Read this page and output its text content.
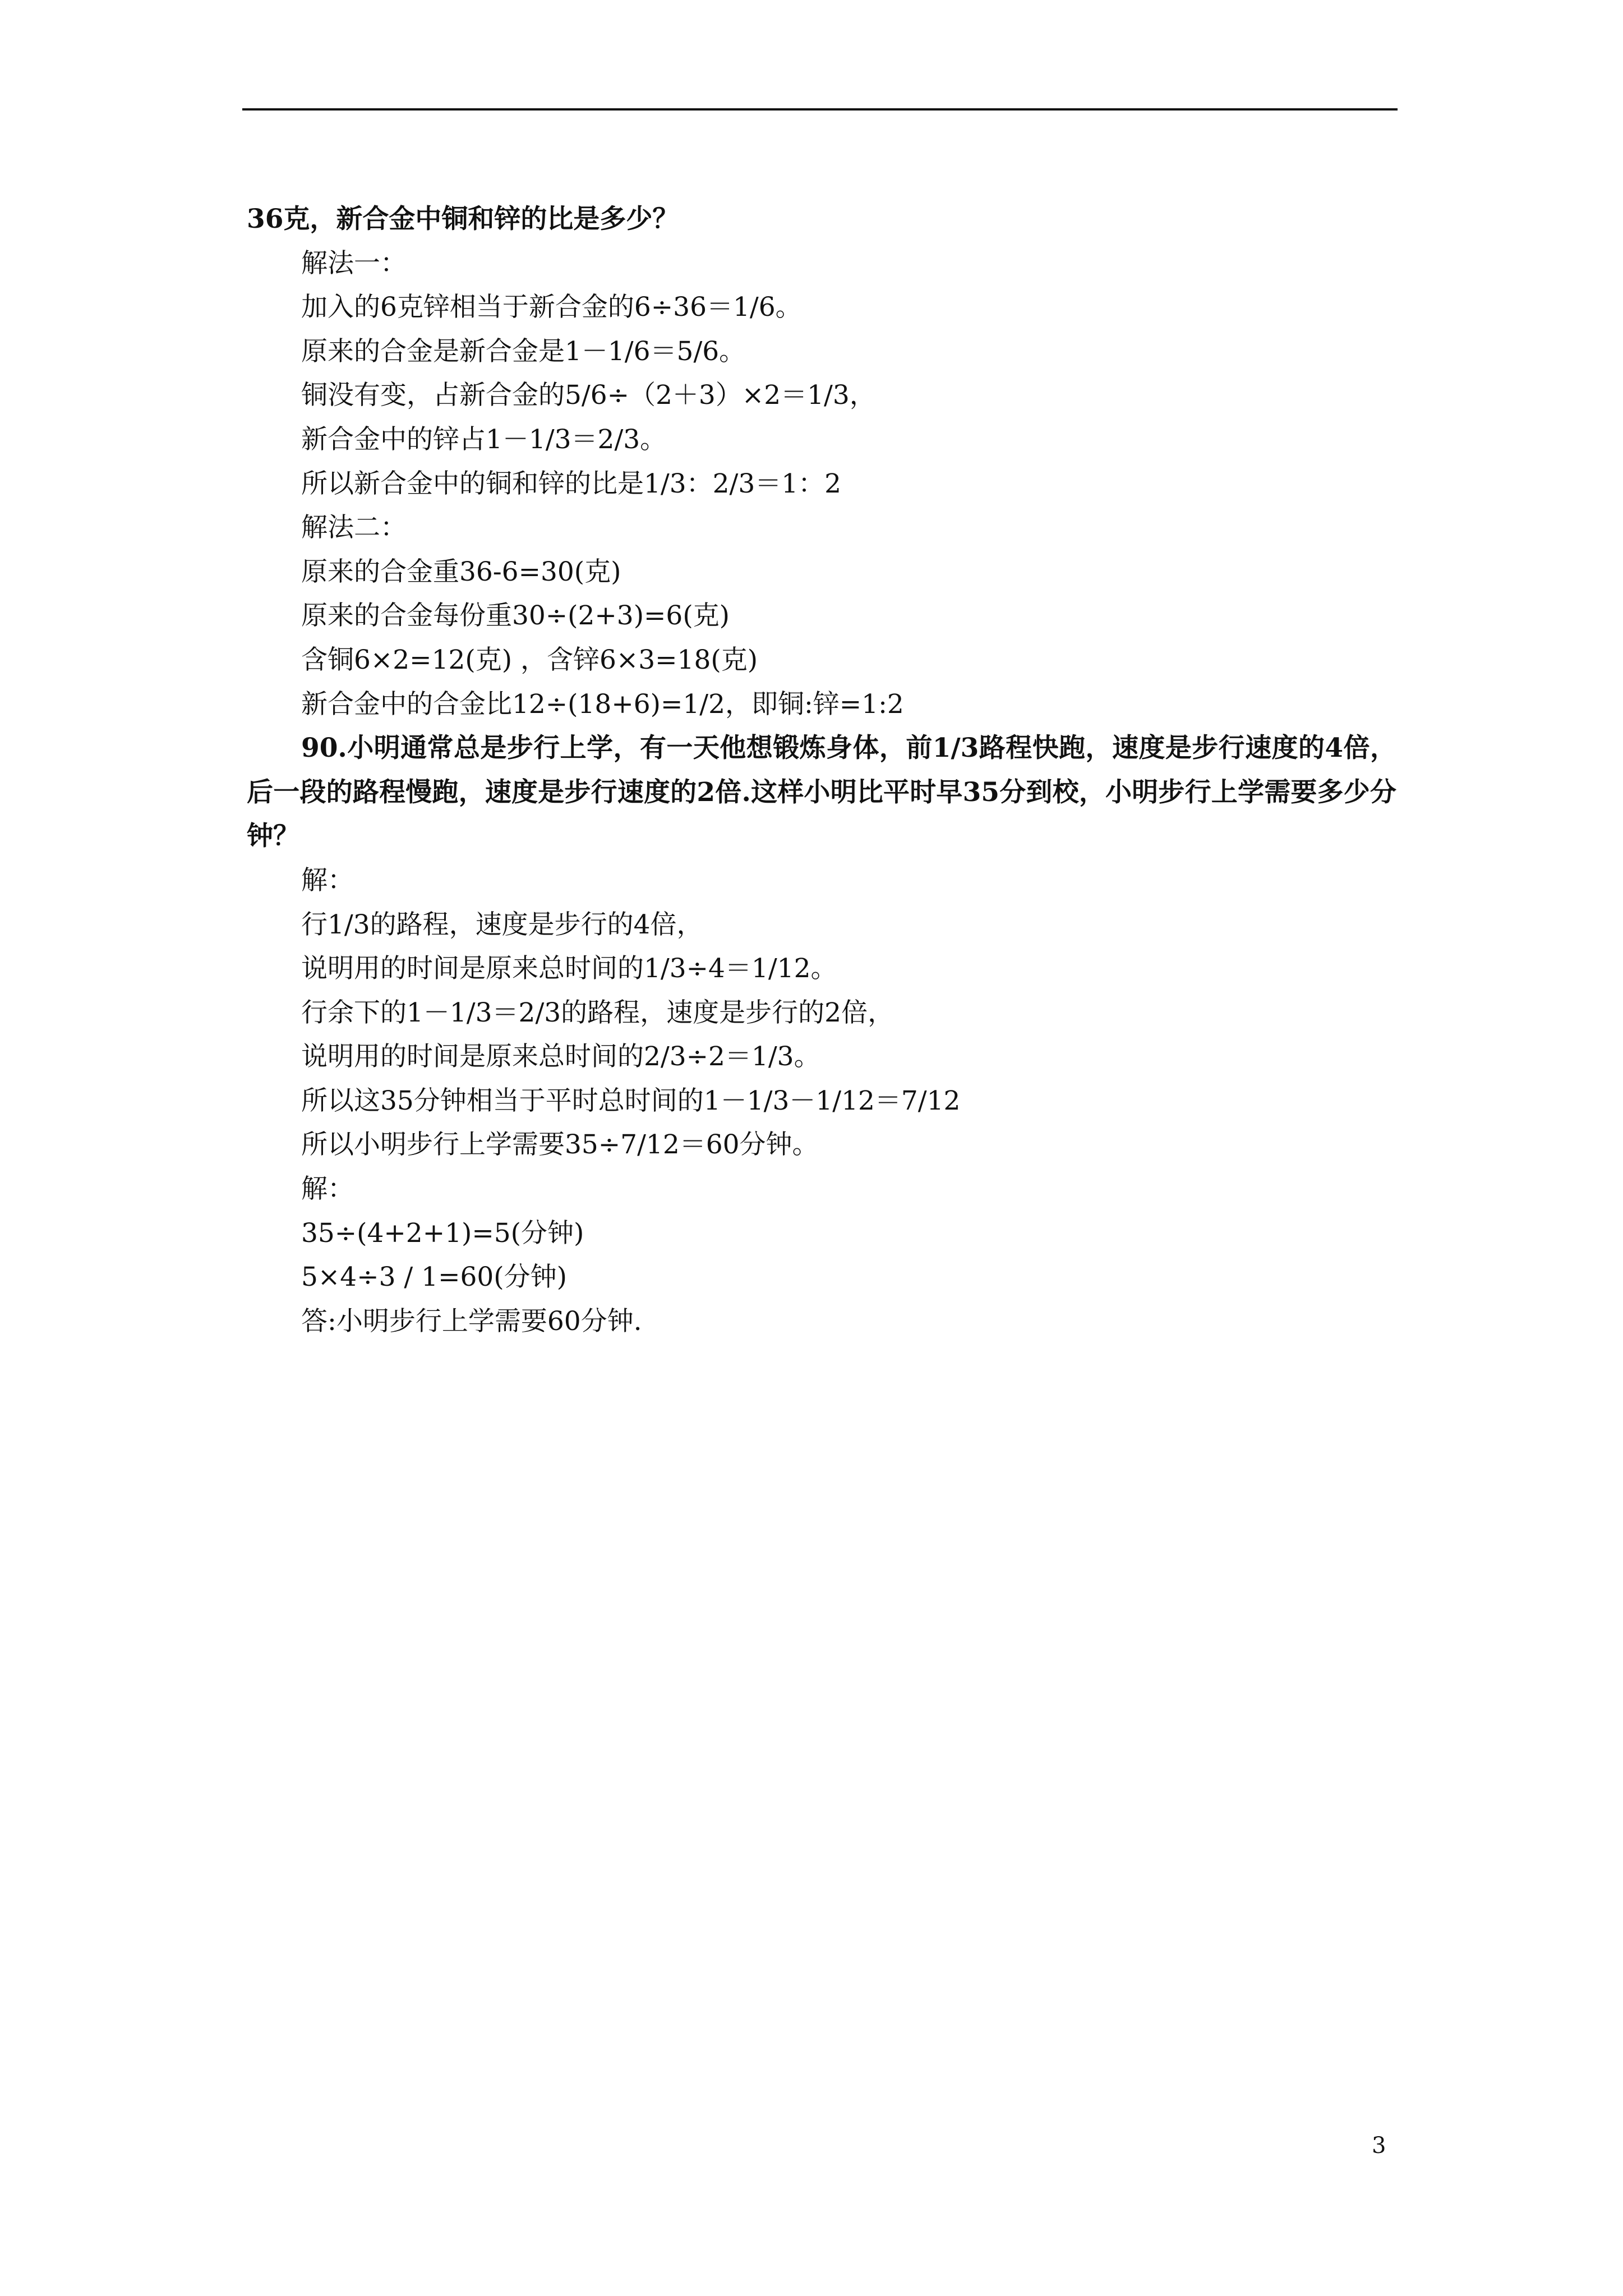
36克，新合金中铜和锌的比是多少？
解法一：
加入的6克锌相当于新合金的6÷36＝1/6。
原来的合金是新合金是1－1/6＝5/6。
铜没有变，占新合金的5/6÷（2＋3）×2＝1/3，
新合金中的锌占1－1/3＝2/3。
所以新合金中的铜和锌的比是1/3：2/3＝1：2
解法二：
原来的合金重36-6=30(克)
原来的合金每份重30÷(2+3)=6(克)
含铜6×2=12(克) ，含锌6×3=18(克)
新合金中的合金比12÷(18+6)=1/2，即铜:锌=1:2
90.小明通常总是步行上学，有一天他想锻炼身体，前1/3路程快跑，速度是步行速度的4倍，后一段的路程慢跑，速度是步行速度的2倍.这样小明比平时早35分到校，小明步行上学需要多少分钟？
解：
行1/3的路程，速度是步行的4倍，
说明用的时间是原来总时间的1/3÷4＝1/12。
行余下的1－1/3＝2/3的路程，速度是步行的2倍，
说明用的时间是原来总时间的2/3÷2＝1/3。
所以这35分钟相当于平时总时间的1－1/3－1/12＝7/12
所以小明步行上学需要35÷7/12＝60分钟。
解：
35÷(4+2+1)=5(分钟)
5×4÷3 / 1=60(分钟)
答:小明步行上学需要60分钟.
3
